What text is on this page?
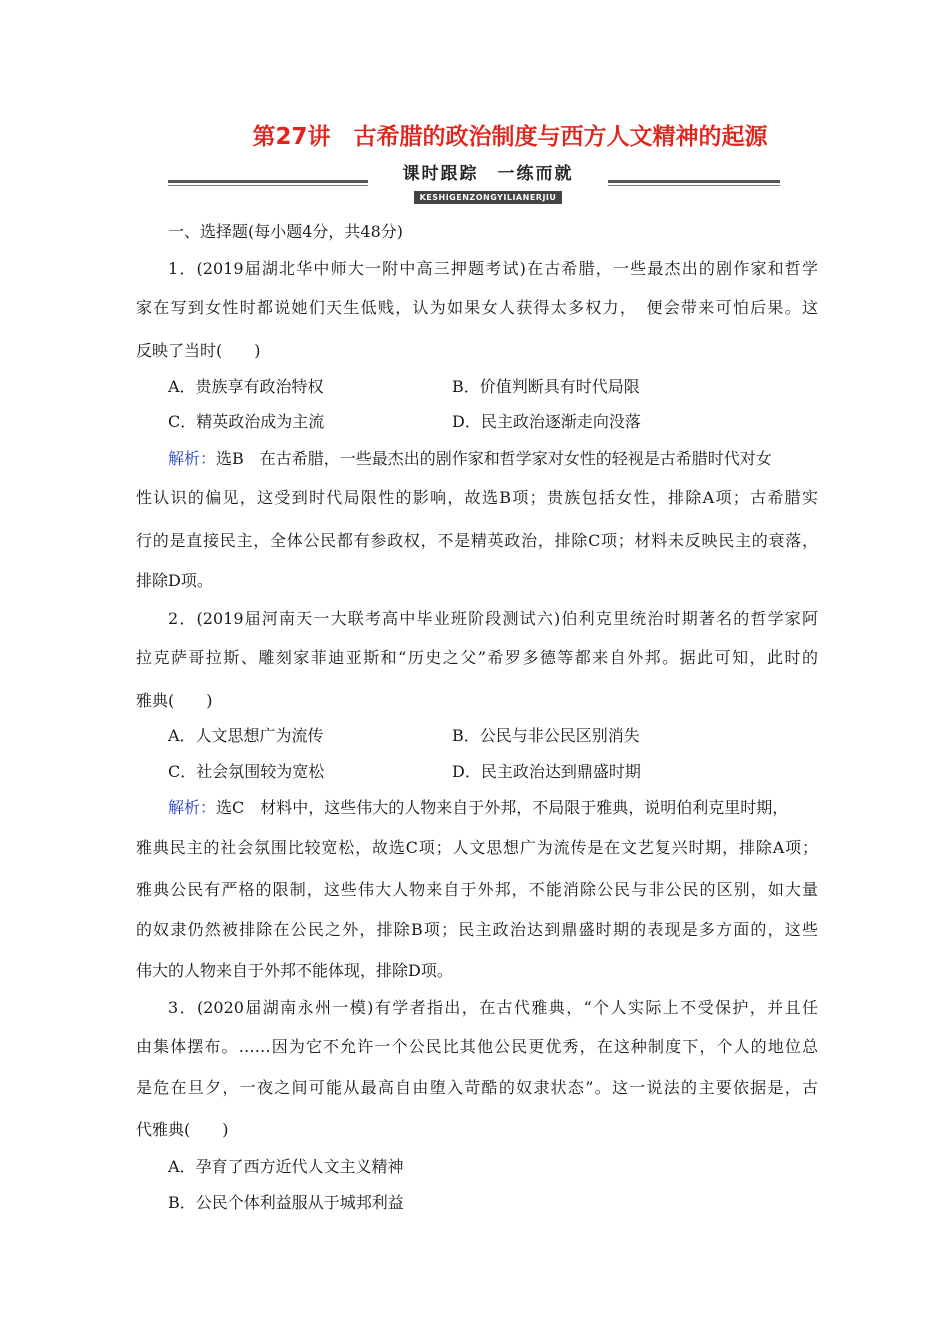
第27讲　古希腊的政治制度与西方人文精神的起源
课时跟踪　一练而就
KESHIGENZONGYILIANERJIU
一、选择题(每小题4分，共48分)
1．(2019届湖北华中师大一附中高三押题考试)在古希腊，一些最杰出的剧作家和哲学
家在写到女性时都说她们天生低贱，认为如果女人获得太多权力，　便会带来可怕后果。这
反映了当时(　　)
A．贵族享有政治特权	B．价值判断具有时代局限
C．精英政治成为主流	D．民主政治逐渐走向没落
解析：选B　在古希腊，一些最杰出的剧作家和哲学家对女性的轻视是古希腊时代对女
性认识的偏见，这受到时代局限性的影响，故选B项；贵族包括女性，排除A项；古希腊实
行的是直接民主，全体公民都有参政权，不是精英政治，排除C项；材料未反映民主的衰落，
排除D项。
2．(2019届河南天一大联考高中毕业班阶段测试六)伯利克里统治时期著名的哲学家阿
拉克萨哥拉斯、雕刻家菲迪亚斯和“历史之父”希罗多德等都来自外邦。据此可知，此时的
雅典(　　)
A．人文思想广为流传	B．公民与非公民区别消失
C．社会氛围较为宽松	D．民主政治达到鼎盛时期
解析：选C　材料中，这些伟大的人物来自于外邦，不局限于雅典，说明伯利克里时期，
雅典民主的社会氛围比较宽松，故选C项；人文思想广为流传是在文艺复兴时期，排除A项；
雅典公民有严格的限制，这些伟大人物来自于外邦，不能消除公民与非公民的区别，如大量
的奴隶仍然被排除在公民之外，排除B项；民主政治达到鼎盛时期的表现是多方面的，这些
伟大的人物来自于外邦不能体现，排除D项。
3．(2020届湖南永州一模)有学者指出，在古代雅典，“个人实际上不受保护，并且任
由集体摆布。……因为它不允许一个公民比其他公民更优秀，在这种制度下，个人的地位总
是危在旦夕，一夜之间可能从最高自由堕入苛酷的奴隶状态”。这一说法的主要依据是，古
代雅典(　　)
A．孕育了西方近代人文主义精神
B．公民个体利益服从于城邦利益
